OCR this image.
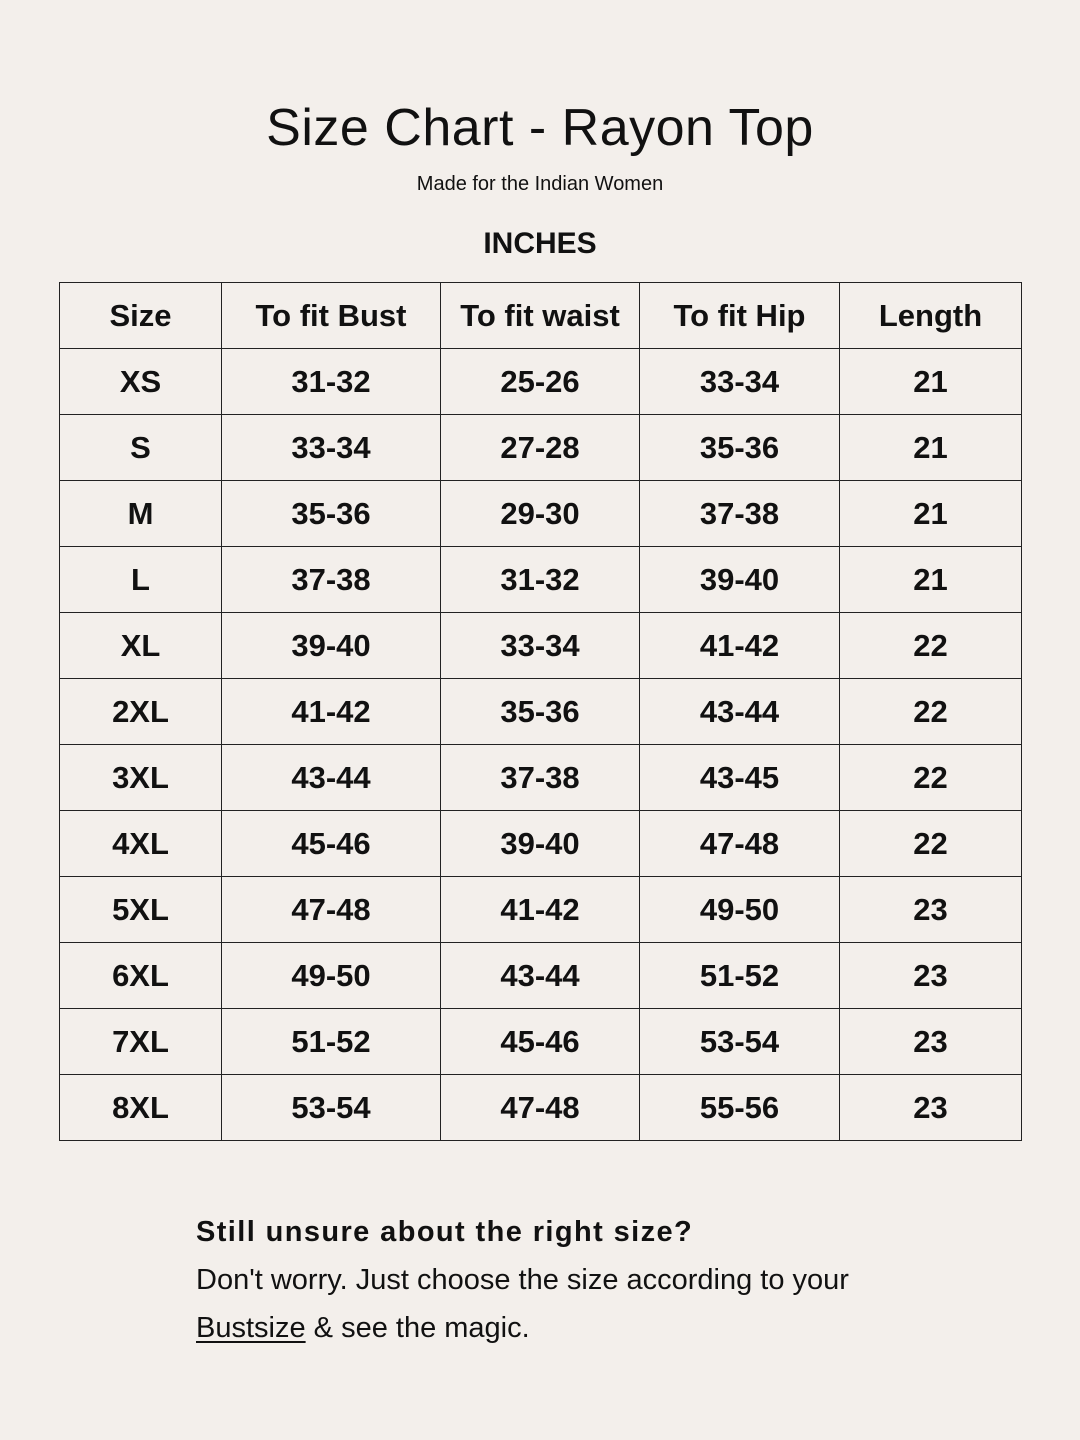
Size Chart - Rayon Top
Made for the Indian Women
INCHES
Size	To fit Bust	To fit waist	To fit Hip	Length
XS	31-32	25-26	33-34	21
S	33-34	27-28	35-36	21
M	35-36	29-30	37-38	21
L	37-38	31-32	39-40	21
XL	39-40	33-34	41-42	22
2XL	41-42	35-36	43-44	22
3XL	43-44	37-38	43-45	22
4XL	45-46	39-40	47-48	22
5XL	47-48	41-42	49-50	23
6XL	49-50	43-44	51-52	23
7XL	51-52	45-46	53-54	23
8XL	53-54	47-48	55-56	23
Still unsure about the right size?
Don't worry. Just choose the size according to your
Bustsize & see the magic.
